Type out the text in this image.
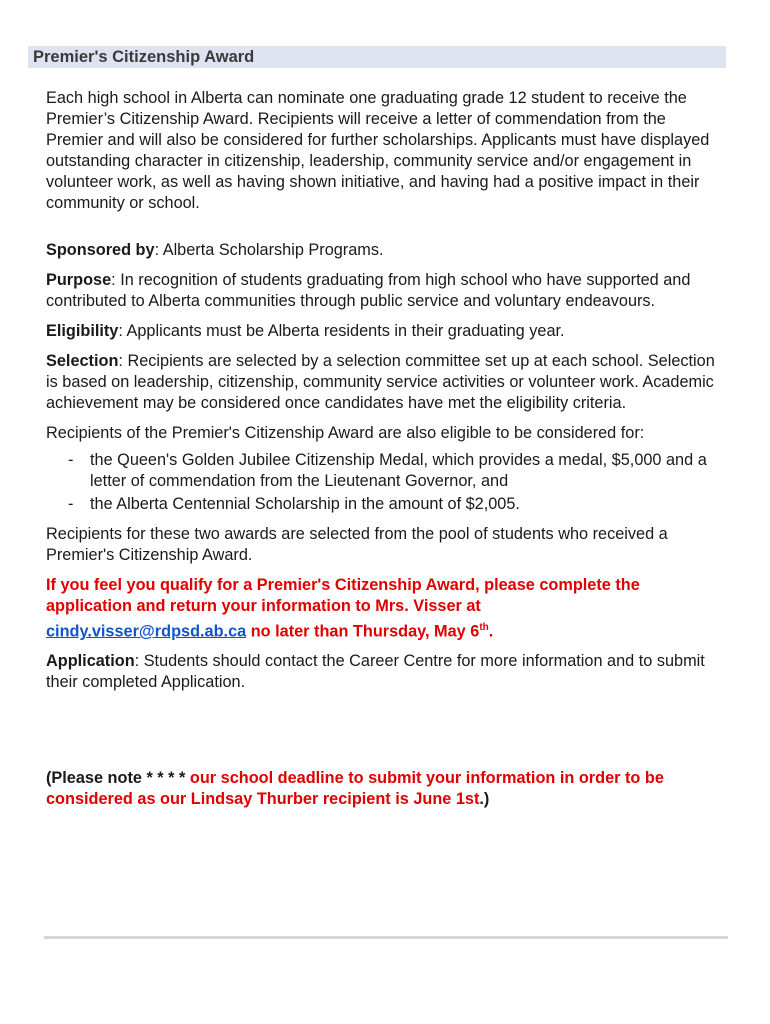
Premier's Citizenship Award

Each high school in Alberta can nominate one graduating grade 12 student to receive the Premier’s Citizenship Award. Recipients will receive a letter of commendation from the Premier and will also be considered for further scholarships. Applicants must have displayed outstanding character in citizenship, leadership, community service and/or engagement in volunteer work, as well as having shown initiative, and having had a positive impact in their community or school.

Sponsored by: Alberta Scholarship Programs.

Purpose: In recognition of students graduating from high school who have supported and contributed to Alberta communities through public service and voluntary endeavours.

Eligibility: Applicants must be Alberta residents in their graduating year.

Selection: Recipients are selected by a selection committee set up at each school. Selection is based on leadership, citizenship, community service activities or volunteer work. Academic achievement may be considered once candidates have met the eligibility criteria.

Recipients of the Premier's Citizenship Award are also eligible to be considered for:

- the Queen's Golden Jubilee Citizenship Medal, which provides a medal, $5,000 and a letter of commendation from the Lieutenant Governor, and
- the Alberta Centennial Scholarship in the amount of $2,005.

Recipients for these two awards are selected from the pool of students who received a Premier's Citizenship Award.

If you feel you qualify for a Premier's Citizenship Award, please complete the application and return your information to Mrs. Visser at
cindy.visser@rdpsd.ab.ca no later than Thursday, May 6th.

Application: Students should contact the Career Centre for more information and to submit their completed Application.

(Please note * * * * our school deadline to submit your information in order to be considered as our Lindsay Thurber recipient is June 1st.)
